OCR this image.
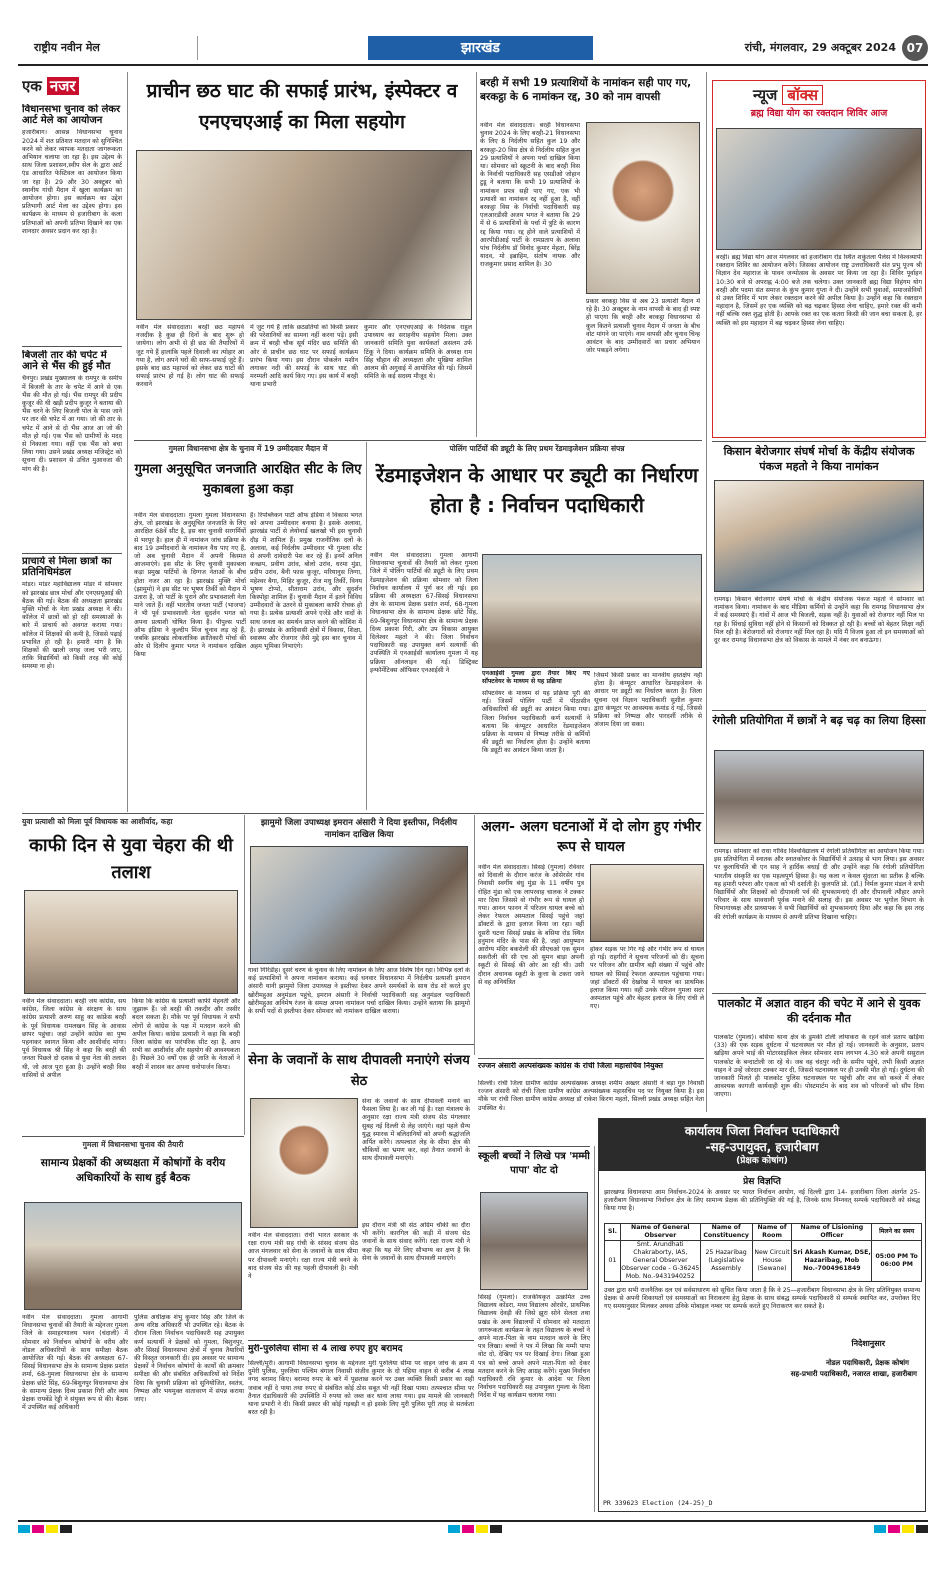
राष्ट्रीय नवीन मेल	झारखंड	रांची, मंगलवार, 29 अक्टूबर 2024 07
एक नजर
विधानसभा चुनाव को लेकर आर्ट मेले का आयोजन
हजारीबाग। आसन्न विधानसभा चुनाव 2024 में शत प्रतिशत मतदान को सुनिश्चित करने को लेकर व्यापक मतदाता जागरूकता अभियान चलाया जा रहा है। इस उद्देश्य के साथ जिला प्रशासन,स्वीप सेल के द्वारा आर्ट एंड आधारित फेस्टिवल का आयोजन किया जा रहा है। 29 और 30 अक्टूबर को स्थानीय गांधी मैदान में खुला कार्यक्रम का आयोजन होगा। इस कार्यक्रम का उद्देश प्रतिभागी आर्ट मेला का उद्देश्य होगा। इस कार्यक्रम के माध्यम से हजारीबाग के कला प्रतिभाओं को अपनी प्रतिभा दिखाने का एक शानदार अवसर प्रदान कर रहा है।
बिजली तार की चपेट में आने से भैंस की हुई मौत
चैनपुर। प्रखंड मुख्यालय के रामपुर के समीप में बिजली के तार के चपेट में आने से एक भैंस की मौत हो गई। भैंस रामपुर की प्रदीप कुजूर की थी खड़ी प्रदीप कुजूर ने बताया की भैंस चरने के लिए बिजली पोल के पास जाने पर तार की चपेट में आ गया। जो की तार के चपेट में आने से दो भैंस आज आ जो की मौत हो गई। एक भैंस को ग्रामीणों के मदद से निकाला गया। वहीं एक भैंस को बचा लिया गया। उसने प्रखंड अध्यक्ष मजिस्ट्रेट को सूचना दी। प्रशासन से उचित मुआवजा की मांग की है।
प्राचार्य से मिला छात्रों का प्रतिनिधिमंडल
मांडर। मांडर महाविद्यालय मांडर में सोमवार को झारखंड छात्र मोर्चा और एनएसयूआई की बैठक की गई। बैठक की अध्यक्षता झारखंड मुक्ति मोर्चा के नेता प्रखंड अध्यक्ष ने की। कॉलेज में छात्रों को हो रही समस्याओं के बारे में प्राचार्य को अवगत कराया गया। कॉलेज में शिक्षकों की कमी है, जिससे पढ़ाई प्रभावित हो रही है। हमारी मांग है कि शिक्षकों की खाली जगह जल्द भरी जाए, ताकि विद्यार्थियों को किसी तरह की कोई समस्या ना हो।
प्राचीन छठ घाट की सफाई प्रारंभ, इंस्पेक्टर व एनएचएआई का मिला सहयोग
नवीन मेल संवाददाता। बरही छठ महापर्व नजदीक है कुछ ही दिनों के बाद शुरू हो जायेगा। लोग अभी से ही छठ की तैयारियों में जुट गये हैं हालांकि पहले दिवाली का त्योहार आ गया है, लोग अपने घरों की साफ-सफाई जुटे हैं। इसके बाद छठ महापर्व को लेकर छठ घाटों की सफाई प्रारंभ हो गई है। लोग घाट की सफाई करवाने
में जुट गये हैं ताकि छठव्रतियों को किसी प्रकार की परेशानियों का सामना नहीं करना पड़े। इसी क्रम में बरही चौक सूर्य मंदिर छठ समिति की ओर से प्राचीन छठ घाट पर सफाई कार्यक्रम प्रारंभ किया गया। इस दौरान पोकलेन मशीन लगाकर नदी की सफाई के साथ घाट की मरम्मती आदि कार्य किए गए। इस कार्य में बरही थाना प्रभारी
कुमार और एनएचएआई के निदेशक राहुल उपाध्याय का सराहनीय सहयोग मिला। उक्त जानकारी समिति युवा कार्यकर्ता असलम उर्फ टिंकू ने दिया। कार्यक्रम समिति के अध्यक्ष राम सिंह चौहान की अध्यक्षता और मुखिया शामिल आलम की अगुवाई में आयोजित की गई। जिसमें समिति के कई सदस्य मौजूद थे।
बरही में सभी 19 प्रत्याशियों के नामांकन सही पाए गए, बरकट्ठा के 6 नामांकन रद्द, 30 को नाम वापसी
नवीन मेल संवाददाता। बरही विधानसभा चुनाव 2024 के लिए बरही-21 विधानसभा के लिए 8 निर्दलीय सहित कुल 19 और बरकट्ठा-20 विस क्षेत्र से निर्दलीय सहित कुल 29 प्रत्याशियों ने अपना पर्चा दाखिल किया था। सोमवार को स्क्रूटनी के बाद बरही विस के निर्वाची पदाधिकारी सह एसडीओ जोहान टुडू ने बताया कि सभी 19 प्रत्याशियों के नामांकन प्रपत्र सही पाए गए, एक भी प्रत्याशी का नामांकन रद्द नहीं हुआ है, वहीं बरकट्ठा विस के निर्वाची पदाधिकारी सह एलआरडीसी अजय भगत ने बताया कि 29 में से 6 प्रत्याशियों के पर्चा में त्रुटि के कारण रद्द किया गया। रद्द होने वाले प्रत्याशियों में आरपीडीआई पार्टी के रामप्रताप के अलावा पांच निर्दलीय डॉ विनोद कुमार मेहता, बिरेंद्र यादव, मो इब्राहिम, संतोष नायक और राजकुमार प्रसाद शामिल है। 30
प्रकार बरकट्ठा विस से अब 23 प्रत्याशी मैदान में रहे है। 30 अक्टूबर के नाम वापसी के बाद ही स्पष्ट हो पाएगा कि बरही और बरकट्ठा विधानसभा से कुल कितने प्रत्याशी चुनाव मैदान में जनता के बीच वोट मांगने जा पाएंगे। नाम वापसी और चुनाव चिन्ह आवंटन के बाद उम्मीदवारों का प्रचार अभियान जोर पकड़ने लगेगा।
न्यूज बॉक्स
ब्रह्म विद्या योग का रक्तदान शिविर आज
बरही। ब्रह्म विद्या योग आज मंगलवार को हजारीबाग रोड स्थित शकुंतला पैलेस में विश्वव्यापी रक्तदान शिविर का आयोजन करेंगे। जिसका आयोजन राष्ट्र उत्तराधिकारी संत प्रभु पूज्य श्री विज्ञान देव महाराज के पावन जन्मोत्सव के अवसर पर किया जा रहा है। शिविर पूर्वाहन 10:30 बजे से अपराह्न 4:00 बजे तक चलेगा। उक्त जानकारी ब्रह्म विद्या विहंगम योग बरही और पदमा संत समाज के कुंभ कुमार गुप्ता ने दी। उन्होंने सभी युवाओं, समाजसेवियों से उक्त शिविर में भाग लेकर रक्तदान करने की अपील किया है। उन्होंने कहा कि रक्तदान महादान है, जिसमें हर एक व्यक्ति को बढ़ चढ़कर हिस्सा लेना चाहिए, हमारे रक्त की कमी नहीं बल्कि रक्त शुद्ध होती है। आपके रक्त का एक कतरा किसी की जान बचा सकता है, हर व्यक्ति को इस महादान में बढ़ चढ़कर हिस्सा लेना चाहिए।
किसान बेरोजगार संघर्ष मोर्चा के केंद्रीय संयोजक पंकज महतो ने किया नामांकन
रामगढ़। किसान बेरोजगार संघर्ष मोर्चा के केंद्रीय संयोजक पंकज महतो ने सोमवार को नामांकन किया। नामांकन के बाद मीडिया कर्मियों से उन्होंने कहा कि रामगढ़ विधानसभा क्षेत्र में कई समस्याएं हैं। गांवों में आज भी बिजली, सड़क नहीं है। युवाओं को रोजगार नहीं मिल पा रहा है। सिंचाई सुविधा नहीं होने से किसानों को दिक्कत हो रही है। बच्चों को बेहतर शिक्षा नहीं मिल रही है। बेरोजगारों को रोजगार नहीं मिल रहा है। यदि मैं विजय हुआ तो इन समस्याओं को दूर कर रामगढ़ विधानसभा क्षेत्र को विकास के मामले में नंबर वन बनाऊंगा।
रंगोली प्रतियोगिता में छात्रों ने बढ़ चढ़ का लिया हिस्सा
रामगढ़। सोमवार को राधा गोविंद विश्वविद्यालय में रंगोली प्रतियोगिता का आयोजन किया गया। इस प्रतियोगिता में स्नातक और स्नातकोत्तर के विद्यार्थियों ने उत्साह से भाग लिया। इस अवसर पर कुलाधिपति बी एन साह ने हार्दिक बधाई दी और उन्होंने कहा कि रंगोली प्रतियोगिता भारतीय संस्कृति का एक महत्वपूर्ण हिस्सा है। यह कला न केवल सुंदरता का प्रतीक है बल्कि यह हमारी परंपरा और एकता को भी दर्शाती है। कुलपति प्रो. (डॉ.) निर्मल कुमार मंडल ने सभी विद्यार्थियों और शिक्षकों को दीपावली पर्व की शुभकामनाएं दी और दीपावली त्यौहार अपने परिवार के साथ सावधानी पूर्वक मनाने की सलाह दी। इस अवसर पर भूगोल विभाग के विभागाध्यक्ष और प्राध्यापक ने सभी विद्यार्थियों को शुभकामनाएं दिया और कहा कि इस तरह की रंगोली कार्यक्रम के माध्यम से अपनी प्रतिभा दिखाना चाहिए।
पालकोट में अज्ञात वाहन की चपेट में आने से युवक की दर्दनाक मौत
पालकोट (गुमला)। बसिया थाना क्षेत्र के डुमकी टोली लोयाकरा के रहने वाले प्रताप खड़िया (33) की एक सड़क दुर्घटना में घटनास्थल पर मौत हो गई। जानकारी के अनुसार, प्रताप खड़िया अपने भाई की मोटरसाइकिल लेकर सोमवार शाम लगभग 4.30 बजे अपनी ससुराल पालकोट के बन्दाटोली जा रहे थे। जब वह चंदपुर नदी के समीप पहुंचे, तभी किसी अज्ञात वाहन ने उन्हें जोरदार टक्कर मार दी, जिससे घटनास्थल पर ही उनकी मौत हो गई। दुर्घटना की जानकारी मिलते ही पालकोट पुलिस घटनास्थल पर पहुंची और शव को कब्जे में लेकर आवश्यक कागजी कार्यवाही शुरू की। पोस्टमार्टम के बाद शव को परिजनों को सौंप दिया जाएगा।
गुमला विधानसभा क्षेत्र के चुनाव में 19 उम्मीदवार मैदान में
गुमला अनुसूचित जनजाति आरक्षित सीट के लिए मुकाबला हुआ कड़ा
नवीन मेल संवाददाता। गुमला गुमला विधानसभा क्षेत्र, जो झारखंड के अनुसूचित जनजाति के लिए आरक्षित 68वें सीट है, इस बार चुनावी सरगर्मियों से भरपूर है। हाल ही में नामांकन जांच प्रक्रिया के बाद 19 उम्मीदवारों के नामांकन वैध पाए गए हैं, जो अब चुनावी मैदान में अपनी किस्मत आजमाएंगे। इस सीट के लिए चुनावी मुकाबला कड़ा प्रमुख पार्टियों के दिग्गज नेताओं के बीच होता नजर आ रहा है। झारखंड मुक्ति मोर्चा (झामुमो) ने इस सीट पर भूषण तिर्की को मैदान में उतारा है, जो पार्टी के पुराने और प्रभावशाली नेता माने जाते हैं। वहीं भारतीय जनता पार्टी (भाजपा) ने भी पूर्व प्रभावशाली नेता सुदर्शन भगत को अपना प्रत्याशी घोषित किया है। पीपुल्स पार्टी ऑफ इंडिया ने कुल्दीप मिंज चुनाव लड़ रहे हैं, जबकि झारखंड लोकतांत्रिक क्रांतिकारी मोर्चा की ओर से दिलीप कुमार भगत ने नामांकन दाखिल किया
है। रिपब्लिकन पार्टी ऑफ इंडिया ने विकास भगत को अपना उम्मीदवार बनाया है। इसके अलावा, झारखंड पार्टी से लेयोनार्ड खलखो भी इस चुनावी दौड़ में शामिल हैं। प्रमुख राजनीतिक दलों के अलावा, कई निर्दलीय उम्मीदवार भी गुमला सीट से अपनी दावेदारी पेश कर रहे हैं। इनमें अनिल कच्छप, प्रवीण उरांव, बोलो उरांव, धरमा मुंडा, प्रदीप उरांव, बैनी फास कुजूर, मरियानुस तिग्गा, महेश्वर बैगा, मिहिर कुजूर, रोज मधु तिर्की, विनय भूषण टोप्पो, सीताराम उरांव, और सुदर्शन किस्पोट्टा शामिल हैं। चुनावी मैदान में इतने विविध उम्मीदवारों के उतरने से मुकाबला काफी रोचक हो गया है। प्रत्येक प्रत्याशी अपने एजेंडे और वादों के साथ जनता का समर्थन प्राप्त करने की कोशिश में है। झारखंड के आदिवासी क्षेत्रों में विकास, शिक्षा, स्वास्थ्य और रोजगार जैसे मुद्दे इस बार चुनाव में अहम भूमिका निभाएंगे।
पोलिंग पार्टियों की ड्यूटी के लिए प्रथम रेंडमाइजेशन प्रक्रिया संपन्न
रेंडमाइजेशन के आधार पर ड्यूटी का निर्धारण होता है : निर्वाचन पदाधिकारी
नवीन मेल संवाददाता। गुमला आगामी विधानसभा चुनावों की तैयारी को लेकर गुमला जिले में पोलिंग पार्टियों की ड्यूटी के लिए प्रथम रेंडमाइजेशन की प्रक्रिया सोमवार को जिला निर्वाचन कार्यालय में पूर्ण कर ली गई। इस प्रक्रिया की अध्यक्षता 67-सिसई विधानसभा क्षेत्र के सामान्य प्रेक्षक प्रशांत शर्मा, 68-गुमला विधानसभा क्षेत्र के सामान्य प्रेक्षक छोटे सिंह, 69-बिशुनपुर विधानसभा क्षेत्र के सामान्य प्रेक्षक दिव्य प्रकाश गिरी, और उप विकास आयुक्त दिलेश्वर महतो ने की। जिला निर्वाचन पदाधिकारी सह उपायुक्त कर्ण सत्यार्थी की उपस्थिति में एनआईसी कार्यालय गुमला में यह प्रक्रिया ऑनलाइन की गई। डिस्ट्रिक्ट इन्फॉर्मेटिक्स ऑफिसर एनआईसी ने	एनआईसी गुमला द्वारा तैयार किए गए सॉफ्टवेयर के माध्यम से यह प्रक्रिया
सॉफ्टवेयर के माध्यम से यह प्रक्रिया पूरी की गई। जिसमें पोलिंग पार्टी में पीठासीन अधिकारियों की ड्यूटी का आवंटन किया गया। जिला निर्वाचन पदाधिकारी कर्ण सत्यार्थी ने बताया कि कंप्यूटर आधारित रेंडमाइजेशन प्रक्रिया के माध्यम से निष्पक्ष तरीके से कर्मियों की ड्यूटी का निर्धारण होता है। उन्होंने बताया कि ड्यूटी का आवंटन किया जाता है।
जिसमें किसी प्रकार का मानवीय हस्तक्षेप नहीं होता है। कंप्यूटर आधारित रेंडमाइजेशन के आधार पर ड्यूटी का निर्धारण करता है। जिला सूचना एवं विज्ञान पदाधिकारी सुशील कुमार द्वारा कंप्यूटर पर आवश्यक कमांड दे गई, जिससे प्रक्रिया को निष्पक्ष और पारदर्शी तरीके से अंजाम दिया जा सका।
युवा प्रत्याशी को मिला पूर्व विधायक का आशीर्वाद, कहा
काफी दिन से युवा चेहरा की थी तलाश
नवीन मेल संवाददाता। बरही जय कांग्रेस, सय कांग्रेस, जिला कांग्रेस के संरक्षण के साथ कांग्रेस प्रत्याशी अरुण साहू का कांफ्रेंस बरही के पूर्व विधायक रामलखन सिंह के आवास छापर पहुंचा। जहां उन्होंने कांग्रेस का पुष्प पहनाकर स्वागत किया और आशीर्वाद मांगा। पूर्व विधायक श्री सिंह ने कहा कि बरही की जनता पिछले दो दशक से युवा नेता की तलाश थी, जो आज पूरा हुआ है। उन्होंने बरही विस वासियों से अपील
किया कि कांग्रेस के प्रत्याशी काफी मेहनती और जुझारू हैं। जो बरही की तकदीर और तस्वीर बदल सकता है। मौके पर पूर्व विधायक ने सभी लोगों से कांग्रेस के पक्ष में मतदान करने की अपील किया। कांग्रेस प्रत्याशी ने कहा कि बरही जिला कांग्रेस का पारंपरिक सीट रहा है, आप सभी का आशीर्वाद और सहयोग की आवश्यकता है। पिछले 30 वर्षों एक ही जाति के नेताओं ने बरही में शासन कर अपना धनोपार्जन किया।
झामुमो जिला उपाध्यक्ष इमरान अंसारी ने दिया इस्तीफा, निर्दलीय नामांकन दाखिल किया
गावां गिरिडीह। दूसरे चरण के चुनाव के लिए नामांकन के लिए आज विशेष दिन रहा। विभिन्न दलों के कई प्रत्याशियों ने अपना नामांकन कराया। कई धनवार विधानसभा में निर्दलीय प्रत्याशी इमरान अंसारी यानी झामुमो जिला उपाध्यक्ष ने इस्तीफा देकर अपने समर्थकों के साथ रोड शो करते हुए खोरीमहुआ अनुमंडल पहुंचे, इमरान अंसारी ने निर्वाची पदाधिकारी सह अनुमंडल पदाधिकारी खोरीमहुआ अनिमेष रंजन के समक्ष अपना नामांकन पर्चा दाखिल किया। उन्होंने बताया कि झामुमो के सभी पदों से इस्तीफा देकर सोमवार को नामांकन दाखिल कराया।
अलग- अलग घटनाओं में दो लोग हुए गंभीर रूप से घायल
नवीन मेल संवाददाता। सिसई (गुमला) रविवार को दिवाली के दौरान करंज के ओसेरसेर गांव निवासी स्वर्गीय बंधु मुंडा के 11 वर्षीय पुत्र रोहित मुंडा को एक लापरवाह चालक ने टक्कर मार दिया जिससे वो गंभीर रूप से घायल हो गया। आनन फानन में परिजन घायल बच्चे को लेकर रेफरल अस्पताल सिसई पहुंचे जहां डॉक्टरों के द्वारा इलाज किया जा रहा। वहीं दूसरी घटना सिसई प्रखंड के बसिया रोड स्थित हनुमान मंदिर के पास की है, जहां आयुष्मान आरोग्य मंदिर बकरोली की सीएचओ एक सुमन सकरौली की सी एच ओ सुमन बाड़ा अपनी स्कूटी से सिसई की ओर आ रही थी। उसी दौरान अचानक स्कूटी के कुत्ता के टकरा जाने से वह अनियंत्रित
होकर सड़क पर गिर गई और गंभीर रूप से घायल हो गई। राहगीरों ने सूचना परिजनों को दी। सूचना पर परिजन और ग्रामीण बड़ी संख्या में पहुंचे और घायल को सिसई रेफरल अस्पताल पहुंचाया गया। जहां डॉक्टरों की देखरेख में घायल का प्राथमिक इलाज किया गया। वहीं उनके परिजन गुमला सदर अस्पताल पहुंचे और बेहतर इलाज के लिए रांची ले गए।
सेना के जवानों के साथ दीपावली मनाएंगे संजय सेठ
नवीन मेल संवाददाता। रांची भारत सरकार के रक्षा राज्य मंत्री सह रांची के सांसद संजय सेठ आज मंगलवार को सेना के जवानों के साथ सीमा पर दीपावली मनाएंगे। रक्षा राज्य मंत्री बनने के बाद संजय सेठ की यह पहली दीपावली है। मंत्री ने
सेना के जवानों के साथ दीपावली मनाने का फैसला लिया है। कर ली गई है। रक्षा मंत्रालय के अनुसार रक्षा राज्य मंत्री संजय सेठ मंगलवार सुबह नई दिल्ली से लेह जाएंगे। वहां पहले सैन्य युद्ध स्मारक में बलिदानियों को अपनी श्रद्धांजलि अर्पित करेंगे। तत्पश्चात लेह के सीमा क्षेत्र की चौकियों का भ्रमण कर, वहां तैनात जवानों के साथ दीपावली मनाएंगे।
इस दौरान मंत्री श्री सेठ अग्रिम चौकी का दौरा भी करेंगे। कारगिल की कड़ी में संजय सेठ जवानों के साथ संवाद करेंगे। रक्षा राज्य मंत्री ने कहा कि यह मेरे लिए सौभाग्य का क्षण है कि सेना के जवानों के साथ दीपावली मनाएंगे।
रज्जन अंसारी अल्पसंख्यक कांग्रेस के रांची जिला महासचिव नियुक्त
सिल्ली। रांची जिला ग्रामीण कांग्रेस अल्पसंख्यक अध्यक्ष शमीम अख्तर अंसारी ने बड़ा गुरु निवासी रज्जन अंसारी को रांची जिला ग्रामीण कांग्रेस अल्पसंख्यक महासचिव पद पर नियुक्त किया है। इस मौके पर रांची जिला ग्रामीण कांग्रेस अध्यक्ष डॉ राकेश किरण महतो, सिल्ली प्रखंड अध्यक्ष सहित नेता उपस्थित थे।
स्कूली बच्चों ने लिखे पत्र 'मम्मी पापा' वोट दो
सिसई (गुमला)। राजकीयकृत उत्क्रमित उच्च विद्यालय कोंडरा, मध्य विद्यालय ओरसेर, प्राथमिक विद्यालय देवड़ी की जिसे झूरा सोने सेलता तथा प्रखंड के अन्य विद्यालयों में सोमवार को मतदाता जागरूकता कार्यक्रम के तहत विद्यालय के बच्चों ने अपने माता-पिता के नाम मतदान करने के लिए पत्र लिखा। बच्चों ने पत्र में लिखा कि मम्मी पापा वोट दो, देखिए पत्र पर दिखाई देगा। लिखा हुआ पत्र को बच्चे अपने अपने माता-पिता को देकर मतदान करने के लिए आग्रह करेंगे। मुख्य निर्वाचन पदाधिकारी रवि कुमार के आदेश पर जिला निर्वाचन पदाधिकारी सह उपायुक्त गुमला के दिशा निर्देश में यह कार्यक्रम चलाया गया।
मुरी-पुरुलिया सीमा से 4 लाख रुपए हुए बरामद
सिल्ली/मुरी। आगामी विधानसभा चुनाव के मद्देनजर मुरी पुरुलिया सीमा पर वाहन जांच के क्रम में दुमेरी पुलिस, पुरुलिया पश्चिम बंगाल निवासी संजीव कुमार के दो पहिया वाहन से करीब 4 लाख नगद बरामद किए। बरामद रुपए के बारे में पूछताछ करने पर उक्त व्यक्ति किसी प्रकार का सही जवाब नहीं दे पाया तथा रुपए से संबंधित कोई ठोस सबूत भी नहीं दिखा पाया। तत्पश्चात सीमा पर तैनात दंडाधिकारी की उपस्थिति में रुपया को जब्त कर थाना लाया गया। इस मामले की जानकारी थाना प्रभारी ने दी। किसी प्रकार की कोई गड़बड़ी न हो इसके लिए मुरी पुलिस पूरी तरह से सतर्कता बरत रही है।
गुमला में विधानसभा चुनाव की तैयारी
सामान्य प्रेक्षकों की अध्यक्षता में कोषांगों के वरीय अधिकारियों के साथ हुई बैठक
नवीन मेल संवाददाता। गुमला आगामी विधानसभा चुनावों की तैयारी के मद्देनजर गुमला जिले के समाहरणालय भवन (चंदाली) में सोमवार को निर्वाचन कोषांगों के वरीय और नोडल अधिकारियों के साथ समीक्षा बैठक आयोजित की गई। बैठक की अध्यक्षता 67-सिसई विधानसभा क्षेत्र के सामान्य प्रेक्षक प्रशांत शर्मा, 68-गुमला विधानसभा क्षेत्र के सामान्य प्रेक्षक छोटे सिंह, 69-बिशुनपुर विधानसभा क्षेत्र के सामान्य प्रेक्षक दिव्य प्रकाश गिरी और व्यय प्रेक्षक रायबेंडे रेड्डी ने संयुक्त रूप से की। बैठक में उपस्थित कई अधिकारी
पुलिस अधीक्षक शंभु कुमार सिंह और जिले के अन्य वरिष्ठ अधिकारी भी उपस्थित रहे। बैठक के दौरान जिला निर्वाचन पदाधिकारी सह उपायुक्त कर्ण सत्यार्थी ने प्रेक्षकों को गुमला, बिशुनपुर, और सिसई विधानसभा क्षेत्रों में चुनाव तैयारियों की विस्तृत जानकारी दी। इस अवसर पर सामान्य प्रेक्षकों ने निर्वाचन कोषांगों के कार्यों की क्रमबार समीक्षा की और संबंधित अधिकारियों को निर्देश दिया कि चुनावी प्रक्रिया को सुनियोजित, स्वतंत्र, निष्पक्ष और भयमुक्त वातावरण में संपन्न कराया जाए।
कार्यालय जिला निर्वाचन पदाधिकारी
-सह-उपायुक्त, हजारीबाग
(प्रेक्षक कोषांग)
प्रेस विज्ञप्ति
झारखण्ड विधानसभा आम निर्वाचन-2024 के अवसर पर भारत निर्वाचन आयोग, नई दिल्ली द्वारा 14- हजारीबाग जिला अंतर्गत 25- हजारीबाग विधानसभा निर्वाचन क्षेत्र के लिए सामान्य प्रेक्षक की प्रतिनियुक्ति की गई है, जिनके साथ निम्नवत् सम्पर्क पदाधिकारी को संबद्ध किया गया है।
Sl.	Name of General Observer	Name of Constituency	Name of Room	Name of Lisioning Officer	मिलने का समय
01	Smt. Arundhati Chakraborty, IAS, General Observer Observer code - G-36245 Mob. No.-9431940252	25 Hazaribag (Legislative Assembly	New Circuit House (Sewane)	Sri Akash Kumar, DSE, Hazaribag, Mob No.-7004961849	05:00 PM To 06:00 PM
उक्त द्वारा सभी राजनैतिक दल एवं सर्वसाधारण को सूचित किया जाता है कि वे 25—हजारीबाग विधानसभा क्षेत्र के लिए प्रतिनियुक्त सामान्य प्रेक्षक से अपनी शिकायतों एवं समस्याओं का निराकरण हेतु प्रेक्षक के साथ संबद्ध सम्पर्क पदाधिकारी से सम्पर्क स्थापित कर, उपरोक्त दिए गए समयानुसार मिलकर अथवा उनिके मोबाइल नम्बर पर सम्पर्क करते हुए निराकरण कर सकते है।
निदेशानुसार
नोडल पदाधिकारी, प्रेक्षक कोषांग
सह-प्रभारी पदाधिकारी, नजारत शाखा, हजारीबाग
PR 339623 Election (24-25)_D
